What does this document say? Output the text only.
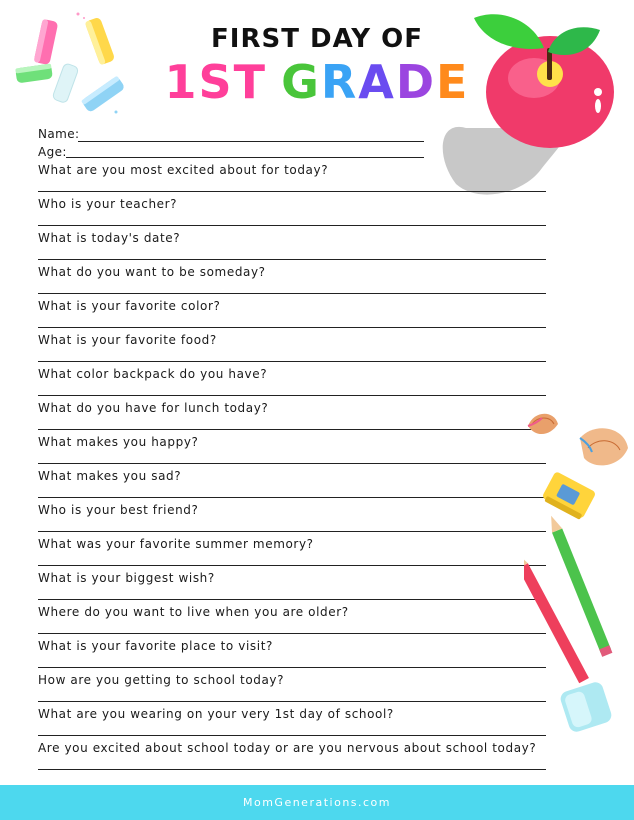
FIRST DAY OF
1ST GRADE
Name:
Age:
What are you most excited about for today?
Who is your teacher?
What is today's date?
What do you want to be someday?
What is your favorite color?
What is your favorite food?
What color backpack do you have?
What do you have for lunch today?
What makes you happy?
What makes you sad?
Who is your best friend?
What was your favorite summer memory?
What is your biggest wish?
Where do you want to live when you are older?
What is your favorite place to visit?
How are you getting to school today?
What are you wearing on your very 1st day of school?
Are you excited about school today or are you nervous about school today?
MomGenerations.com
